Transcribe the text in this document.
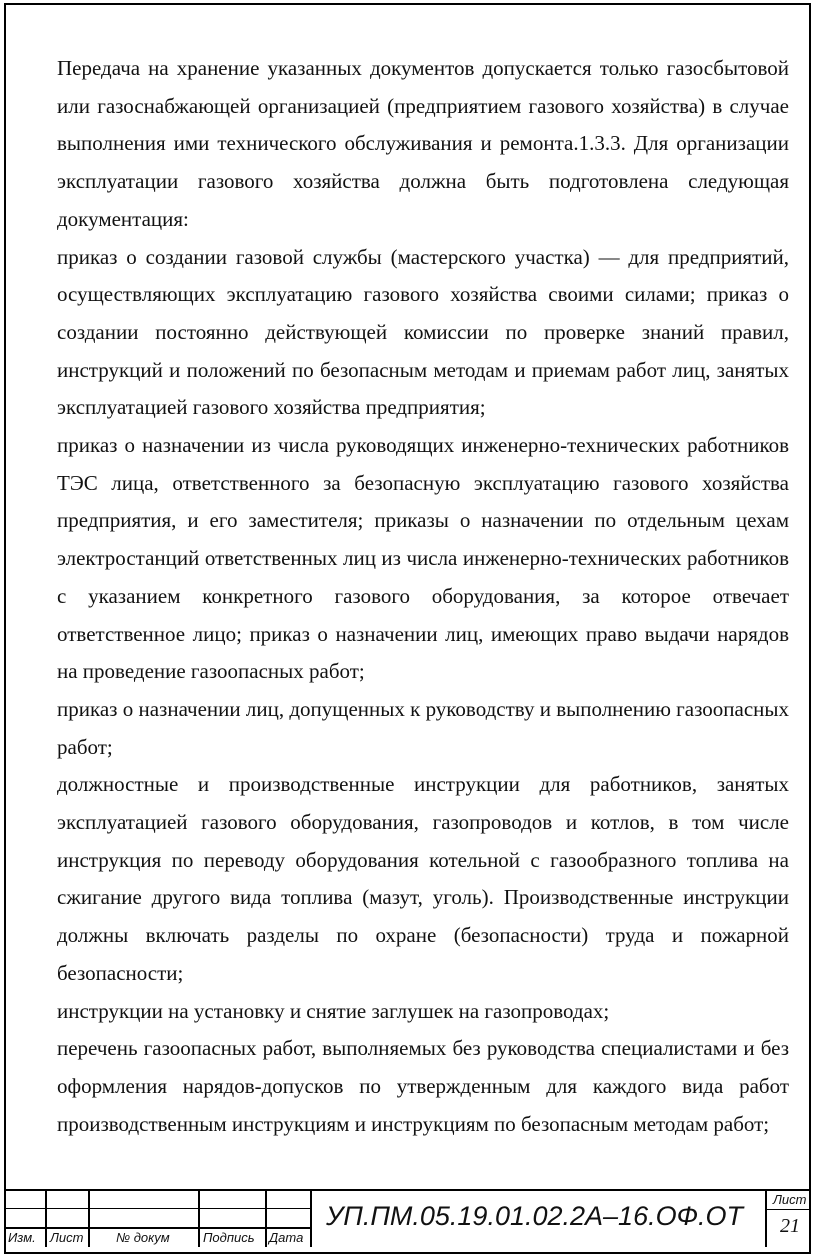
Передача на хранение указанных документов допускается только газосбытовой или газоснабжающей организацией (предприятием газового хозяйства) в случае выполнения ими технического обслуживания и ремонта.1.3.3. Для организации эксплуатации газового хозяйства должна быть подготовлена следующая документация:

приказ о создании газовой службы (мастерского участка) — для предприятий, осуществляющих эксплуатацию газового хозяйства своими силами; приказ о создании постоянно действующей комиссии по проверке знаний правил, инструкций и положений по безопасным методам и приемам работ лиц, занятых эксплуатацией газового хозяйства предприятия;

приказ о назначении из числа руководящих инженерно-технических работников ТЭС лица, ответственного за безопасную эксплуатацию газового хозяйства предприятия, и его заместителя; приказы о назначении по отдельным цехам электростанций ответственных лиц из числа инженерно-технических работников с указанием конкретного газового оборудования, за которое отвечает ответственное лицо; приказ о назначении лиц, имеющих право выдачи нарядов на проведение газоопасных работ;

приказ о назначении лиц, допущенных к руководству и выполнению газоопасных работ;

должностные и производственные инструкции для работников, занятых эксплуатацией газового оборудования, газопроводов и котлов, в том числе инструкция по переводу оборудования котельной с газообразного топлива на сжигание другого вида топлива (мазут, уголь). Производственные инструкции должны включать разделы по охране (безопасности) труда и пожарной безопасности;

инструкции на установку и снятие заглушек на газопроводах;

перечень газоопасных работ, выполняемых без руководства специалистами и без оформления нарядов-допусков по утвержденным для каждого вида работ производственным инструкциям и инструкциям по безопасным методам работ;

Изм. Лист	№ докум	Подпись Дата
УП.ПМ.05.19.01.02.2А–16.ОФ.ОТ
Лист
21
